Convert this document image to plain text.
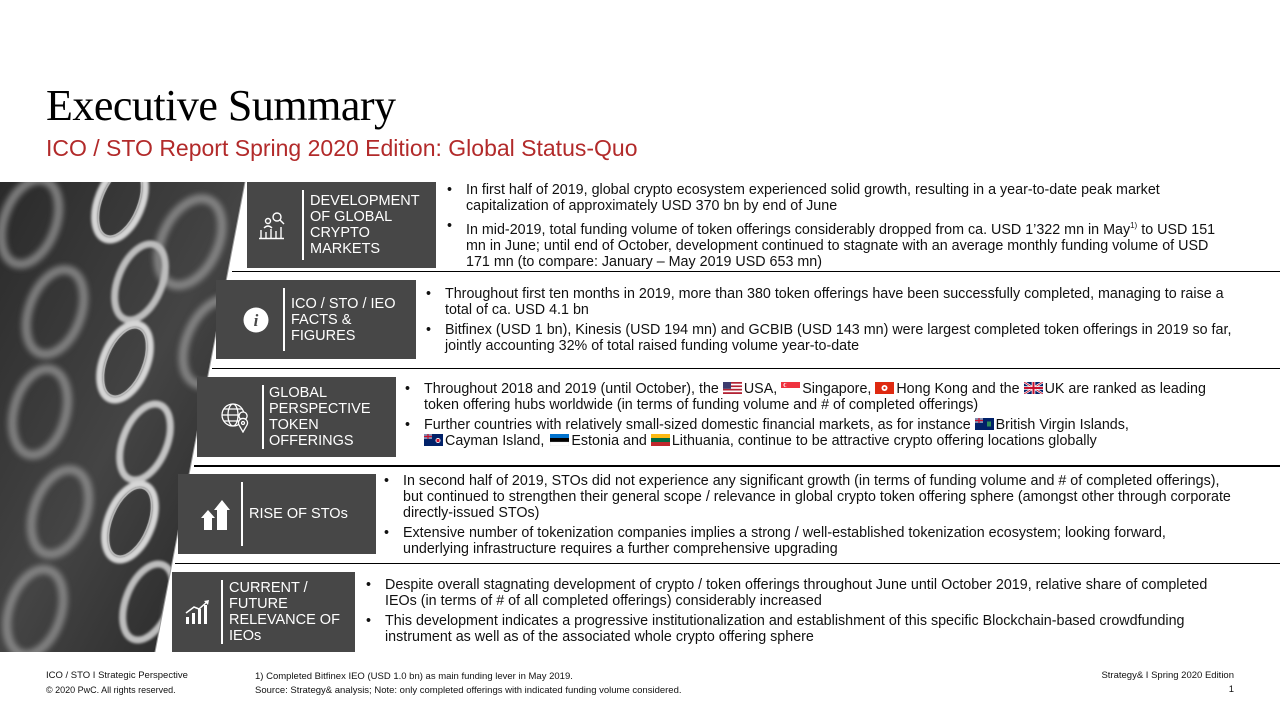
Executive Summary
ICO / STO Report Spring 2020 Edition: Global Status-Quo
DEVELOPMENT
OF GLOBAL
CRYPTO
MARKETS
• In first half of 2019, global crypto ecosystem experienced solid growth, resulting in a year-to-date peak market capitalization of approximately USD 370 bn by end of June
• In mid-2019, total funding volume of token offerings considerably dropped from ca. USD 1’322 mn in May$^{1)}$ to USD 151 mn in June; until end of October, development continued to stagnate with an average monthly funding volume of USD 171 mn (to compare: January – May 2019 USD 653 mn)
i
ICO / STO / IEO
FACTS &
FIGURES
• Throughout first ten months in 2019, more than 380 token offerings have been successfully completed, managing to raise a total of ca. USD 4.1 bn
• Bitfinex (USD 1 bn), Kinesis (USD 194 mn) and GCBIB (USD 143 mn) were largest completed token offerings in 2019 so far, jointly accounting 32% of total raised funding volume year-to-date
GLOBAL
PERSPECTIVE
TOKEN
OFFERINGS
• Throughout 2018 and 2019 (until October), the
USA,
Singapore,
Hong Kong and the
UK are ranked as leading token offering hubs worldwide (in terms of funding volume and # of completed offerings)
• Further countries with relatively small-sized domestic financial markets, as for instance
British Virgin Islands,

Cayman Island, Estonia and
Lithuania, continue to be attractive crypto offering locations globally
RISE OF STOs
• In second half of 2019, STOs did not experience any significant growth (in terms of funding volume and # of completed offerings), but continued to strengthen their general scope / relevance in global crypto token offering sphere (amongst other through corporate directly-issued STOs)
• Extensive number of tokenization companies implies a strong / well-established tokenization ecosystem; looking forward, underlying infrastructure requires a further comprehensive upgrading
CURRENT /
FUTURE
RELEVANCE OF
IEOs
• Despite overall stagnating development of crypto / token offerings throughout June until October 2019, relative share of completed IEOs (in terms of # of all completed offerings) considerably increased
• This development indicates a progressive institutionalization and establishment of this specific Blockchain-based crowdfunding instrument as well as of the associated whole crypto offering sphere
ICO / STO I Strategic Perspective
© 2020 PwC. All rights reserved.
1) Completed Bitfinex IEO (USD 1.0 bn) as main funding lever in May 2019.
Source: Strategy& analysis; Note: only completed offerings with indicated funding volume considered.
Strategy& I Spring 2020 Edition
1
